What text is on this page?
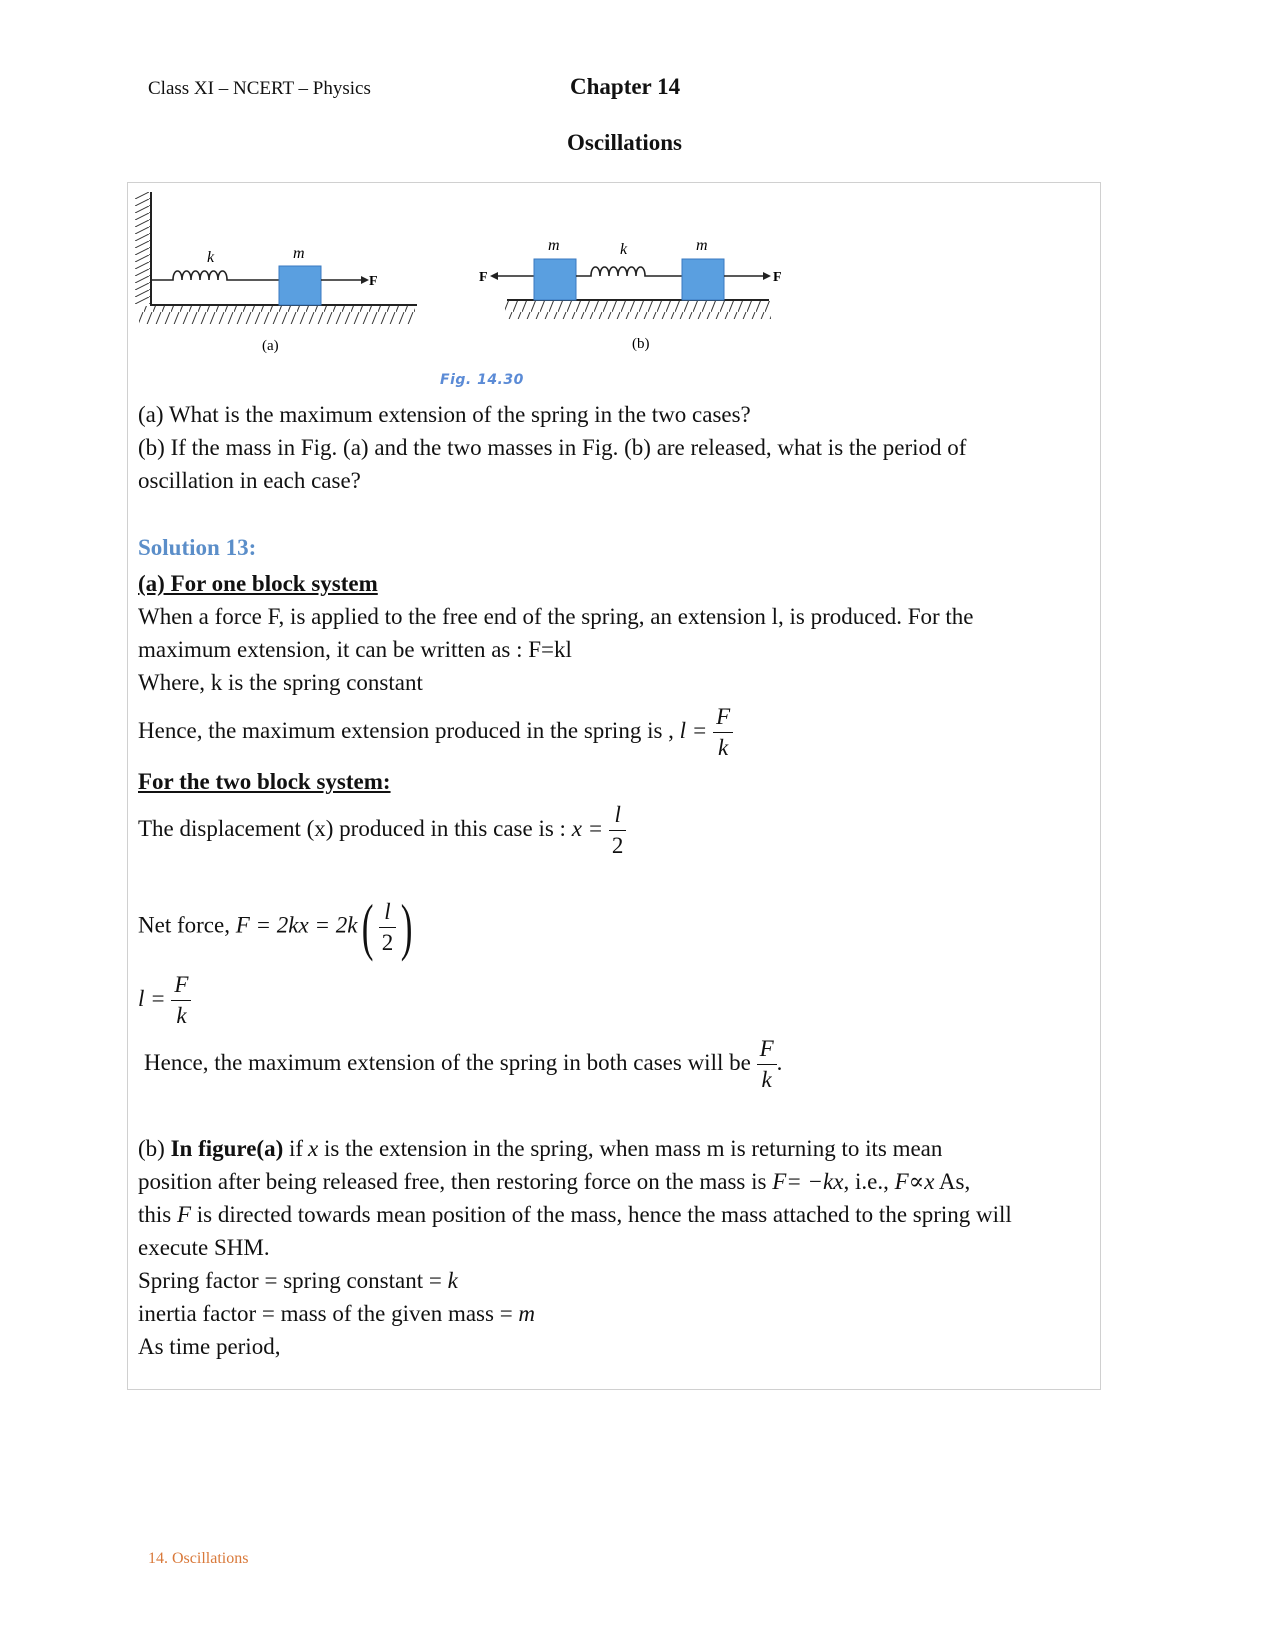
Class XI – NCERT – Physics	Chapter 14
Oscillations
k	m
F
(a)
F	F
m	k	m
(b)
Fig. 14.30
(a) What is the maximum extension of the spring in the two cases?
(b) If the mass in Fig. (a) and the two masses in Fig. (b) are released, what is the period of
oscillation in each case?
Solution 13:
(a) For one block system
When a force F, is applied to the free end of the spring, an extension l, is produced. For the
maximum extension, it can be written as : F=kl
Where, k is the spring constant
Hence, the maximum extension produced in the spring is , $l = \frac{F}{k}$
For the two block system:
The displacement (x) produced in this case is : $x = \frac{l}{2}$
Net force, $F = 2kx = 2k( \frac{l}{2}$ )
$l = \frac{F}{k}$
Hence, the maximum extension of the spring in both cases will be $\frac{F}{k}$ .
(b) In figure(a) if x is the extension in the spring, when mass m is returning to its mean
position after being released free, then restoring force on the mass is F= −kx, i.e., F∝x As,
this F is directed towards mean position of the mass, hence the mass attached to the spring will
execute SHM.
Spring factor = spring constant = k
inertia factor = mass of the given mass = m
As time period,
14. Oscillations
